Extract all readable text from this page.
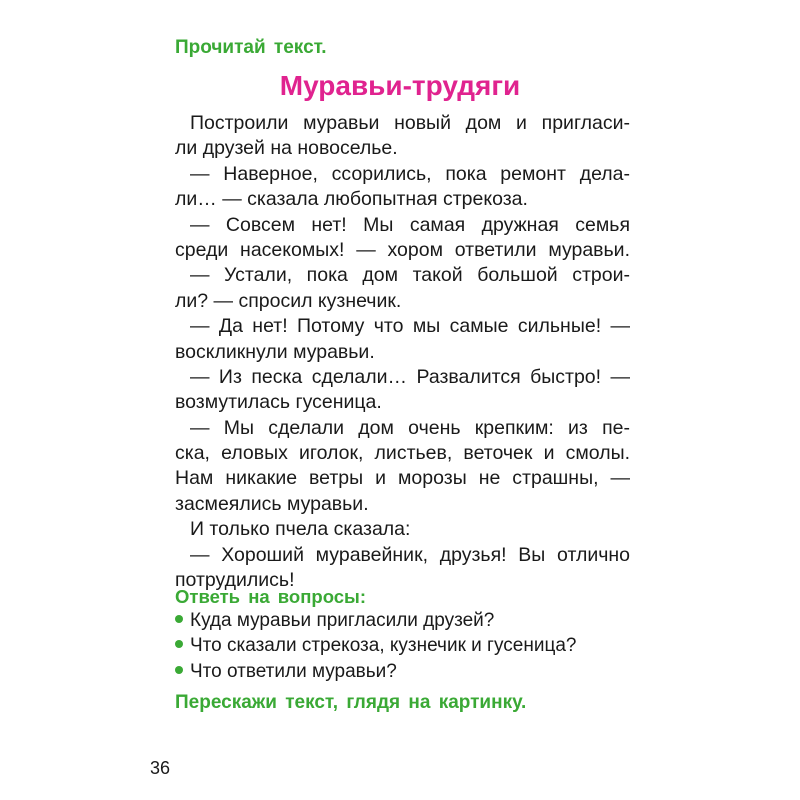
Прочитай текст.
Муравьи-трудяги
Построили муравьи новый дом и пригласи-
ли друзей на новоселье.
— Наверное, ссорились, пока ремонт дела-
ли… — сказала любопытная стрекоза.
— Совсем нет! Мы самая дружная семья
среди насекомых! — хором ответили муравьи.
— Устали, пока дом такой большой строи-
ли? — спросил кузнечик.
— Да нет! Потому что мы самые сильные! —
воскликнули муравьи.
— Из песка сделали… Развалится быстро! —
возмутилась гусеница.
— Мы сделали дом очень крепким: из пе-
ска, еловых иголок, листьев, веточек и смолы.
Нам никакие ветры и морозы не страшны, —
засмеялись муравьи.
И только пчела сказала:
— Хороший муравейник, друзья! Вы отлично
потрудились!
Ответь на вопросы:
Куда муравьи пригласили друзей?
Что сказали стрекоза, кузнечик и гусеница?
Что ответили муравьи?
Перескажи текст, глядя на картинку.
36
